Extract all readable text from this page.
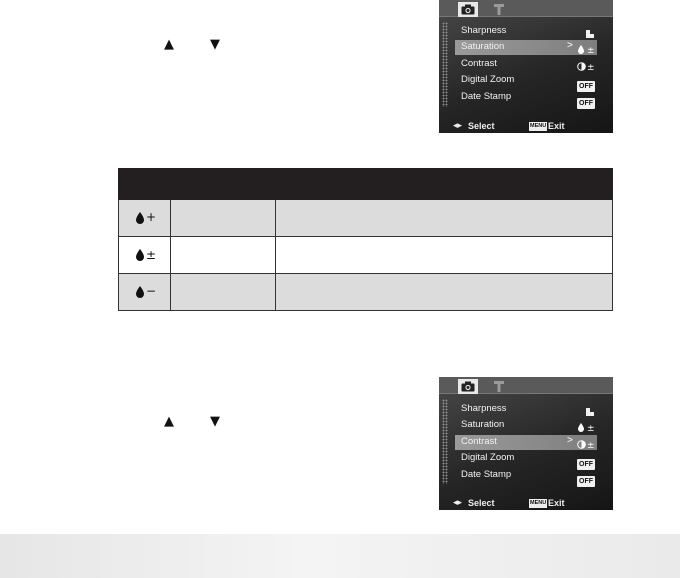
▲	▼
Sharpness
Saturation	> ±
Contrast	±
Digital Zoom
OFF
Date Stamp
OFF
◂▸ Select	MENU Exit
+
±
−
▲	▼
Sharpness
Saturation	±
Contrast	> ±
Digital Zoom
OFF
Date Stamp
OFF
◂▸ Select	MENU Exit
